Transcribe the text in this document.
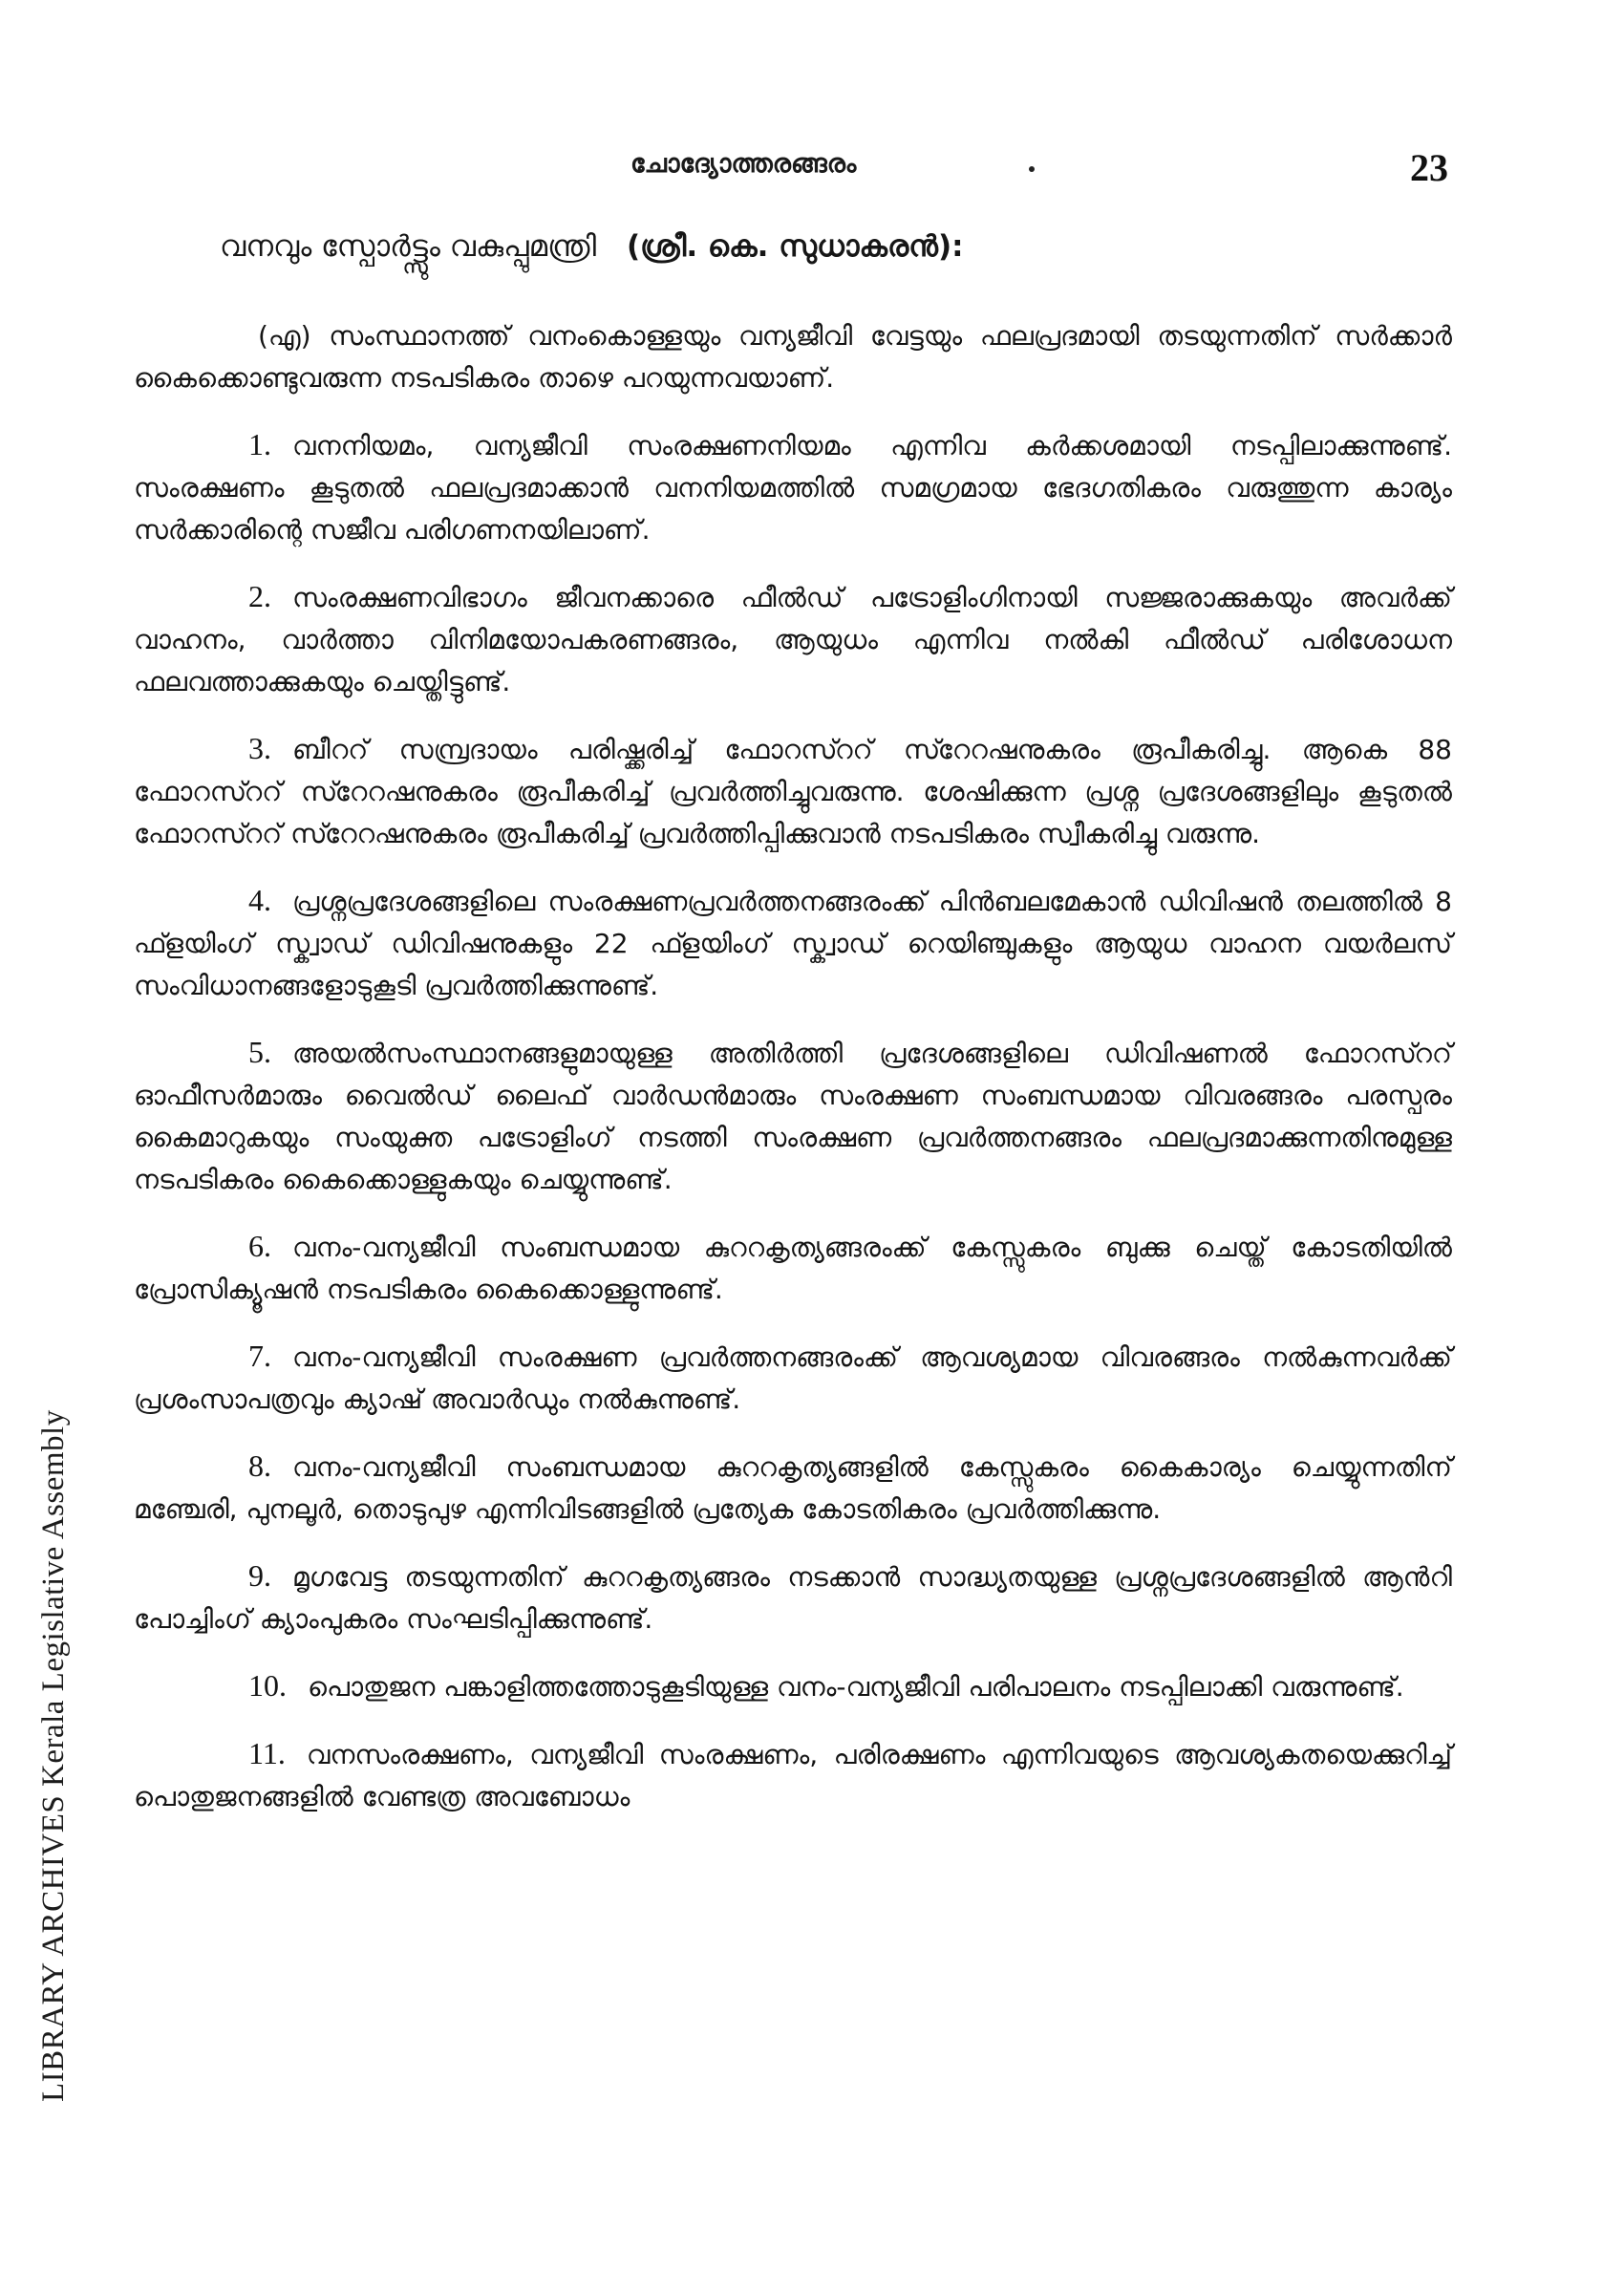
LIBRARY ARCHIVES Kerala Legislative Assembly
ചോദ്യോത്തരങ്ങരം	23
വനവും സ്പോർട്ട്സും വകുപ്പുമന്ത്രി (ശ്രീ. കെ. സുധാകരൻ):

(എ) സംസ്ഥാനത്ത് വനംകൊള്ളയും വന്യജീവി വേട്ടയും ഫലപ്രദമായി തടയുന്നതിന് സർക്കാർ കൈക്കൊണ്ടുവരുന്ന നടപടികരം താഴെ പറയുന്നവയാണ്.

1. വനനിയമം, വന്യജീവി സംരക്ഷണനിയമം എന്നിവ കർക്കശമായി നടപ്പിലാക്കുന്നുണ്ട്. സംരക്ഷണം കൂടുതൽ ഫലപ്രദമാക്കാൻ വനനിയമത്തിൽ സമഗ്രമായ ഭേദഗതികരം വരുത്തുന്ന കാര്യം സർക്കാരിന്റെ സജീവ പരിഗണനയിലാണ്.

2. സംരക്ഷണവിഭാഗം ജീവനക്കാരെ ഫീൽഡ് പട്രോളിംഗിനായി സജ്ജരാക്കുകയും അവർക്ക് വാഹനം, വാർത്താ വിനിമയോപകരണങ്ങരം, ആയുധം എന്നിവ നൽകി ഫീൽഡ് പരിശോധന ഫലവത്താക്കുകയും ചെയ്തിട്ടുണ്ട്.

3. ബീററ് സമ്പ്രദായം പരിഷ്ക്കരിച്ച് ഫോറസ്ററ് സ്റേറഷനുകരം രൂപീകരിച്ചു. ആകെ 88 ഫോറസ്ററ് സ്റേറഷനുകരം രൂപീകരിച്ച് പ്രവർത്തിച്ചുവരുന്നു. ശേഷിക്കുന്ന പ്രശ്ന പ്രദേശങ്ങളിലും കൂടുതൽ ഫോറസ്ററ് സ്റേറഷനുകരം രൂപീകരിച്ച് പ്രവർത്തിപ്പിക്കുവാൻ നടപടികരം സ്വീകരിച്ചു വരുന്നു.

4. പ്രശ്നപ്രദേശങ്ങളിലെ സംരക്ഷണപ്രവർത്തനങ്ങരംക്ക് പിൻബലമേകാൻ ഡിവിഷൻ തലത്തിൽ 8 ഫ്ളയിംഗ് സ്ക്വാഡ് ഡിവിഷനുകളും 22 ഫ്ളയിംഗ് സ്ക്വാഡ് റെയിഞ്ചുകളും ആയുധ വാഹന വയർലസ് സംവിധാനങ്ങളോടുകൂടി പ്രവർത്തിക്കുന്നുണ്ട്.

5. അയൽസംസ്ഥാനങ്ങളുമായുള്ള അതിർത്തി പ്രദേശങ്ങളിലെ ഡിവിഷണൽ ഫോറസ്ററ് ഓഫീസർമാരും വൈൽഡ് ലൈഫ് വാർഡൻമാരും സംരക്ഷണ സംബന്ധമായ വിവരങ്ങരം പരസ്പരം കൈമാറുകയും സംയുക്ത പട്രോളിംഗ് നടത്തി സംരക്ഷണ പ്രവർത്തനങ്ങരം ഫലപ്രദമാക്കുന്നതിനുമുള്ള നടപടികരം കൈക്കൊള്ളുകയും ചെയ്യുന്നുണ്ട്.

6. വനം-വന്യജീവി സംബന്ധമായ കുററകൃത്യങ്ങരംക്ക് കേസ്സുകരം ബുക്കു ചെയ്ത് കോടതിയിൽ പ്രോസിക്യൂഷൻ നടപടികരം കൈക്കൊള്ളുന്നുണ്ട്.

7. വനം-വന്യജീവി സംരക്ഷണ പ്രവർത്തനങ്ങരംക്ക് ആവശ്യമായ വിവരങ്ങരം നൽകുന്നവർക്ക് പ്രശംസാപത്രവും ക്യാഷ് അവാർഡും നൽകുന്നുണ്ട്.

8. വനം-വന്യജീവി സംബന്ധമായ കുററകൃത്യങ്ങളിൽ കേസ്സുകരം കൈകാര്യം ചെയ്യുന്നതിന് മഞ്ചേരി, പുനലൂർ, തൊടുപുഴ എന്നിവിടങ്ങളിൽ പ്രത്യേക കോടതികരം പ്രവർത്തിക്കുന്നു.

9. മൃഗവേട്ട തടയുന്നതിന് കുററകൃത്യങ്ങരം നടക്കാൻ സാദ്ധ്യതയുള്ള പ്രശ്നപ്രദേശങ്ങളിൽ ആൻറി പോച്ചിംഗ് ക്യാംപുകരം സംഘടിപ്പിക്കുന്നുണ്ട്.

10. പൊതുജന പങ്കാളിത്തത്തോടുകൂടിയുള്ള വനം-വന്യജീവി പരിപാലനം നടപ്പിലാക്കി വരുന്നുണ്ട്.

11. വനസംരക്ഷണം, വന്യജീവി സംരക്ഷണം, പരിരക്ഷണം എന്നിവയുടെ ആവശ്യകതയെക്കുറിച്ച് പൊതുജനങ്ങളിൽ വേണ്ടത്ര അവബോധം
